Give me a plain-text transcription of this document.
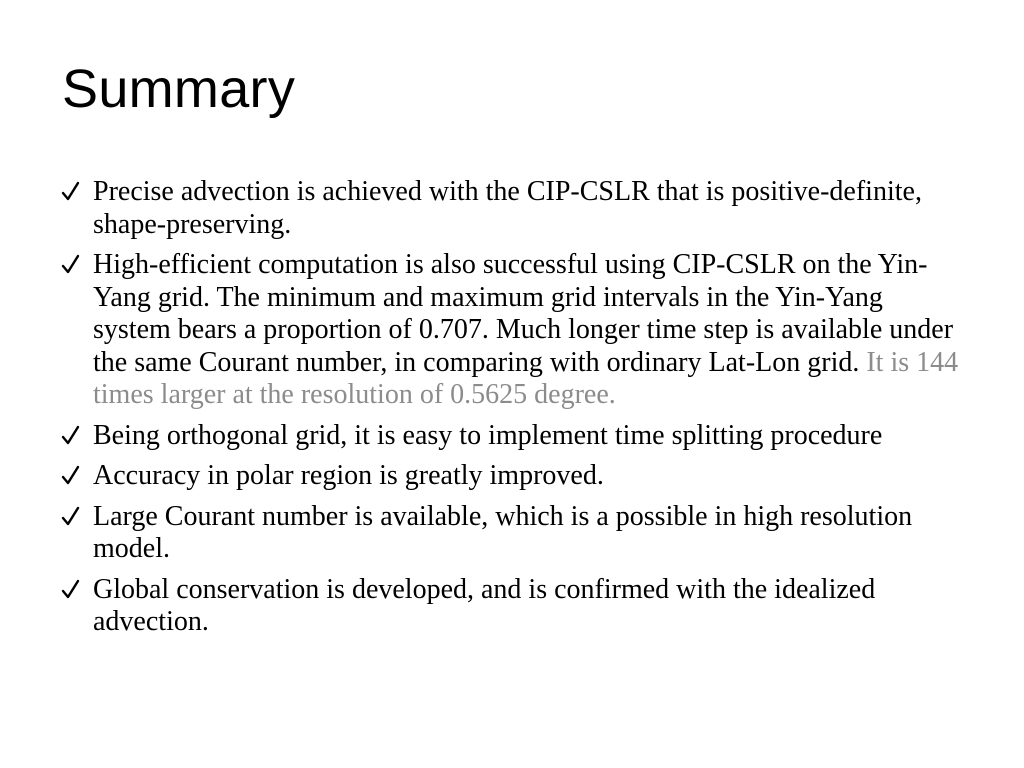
Summary
Precise advection is achieved with the CIP-CSLR that is positive-definite, shape-preserving.
High-efficient computation is also successful using CIP-CSLR on the Yin-Yang grid. The minimum and maximum grid intervals in the Yin-Yang system bears a proportion of 0.707. Much longer time step is available under the same Courant number, in comparing with ordinary Lat-Lon grid. It is 144 times larger at the resolution of 0.5625 degree.
Being orthogonal grid, it is easy to implement time splitting procedure
Accuracy in polar region is greatly improved.
Large Courant number is available, which is a possible in high resolution model.
Global conservation is developed, and is confirmed with the idealized advection.
